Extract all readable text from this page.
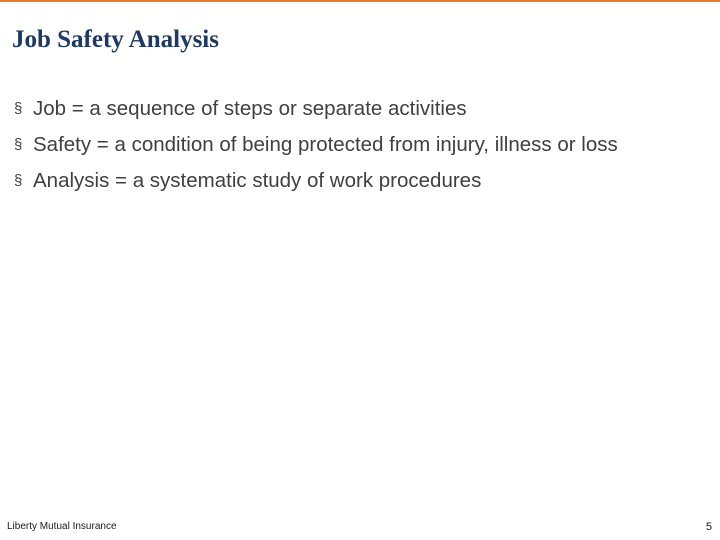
Job Safety Analysis
§ Job = a sequence of steps or separate activities
§ Safety = a condition of being protected from injury, illness or loss
§ Analysis = a systematic study of work procedures
Liberty Mutual Insurance	5
